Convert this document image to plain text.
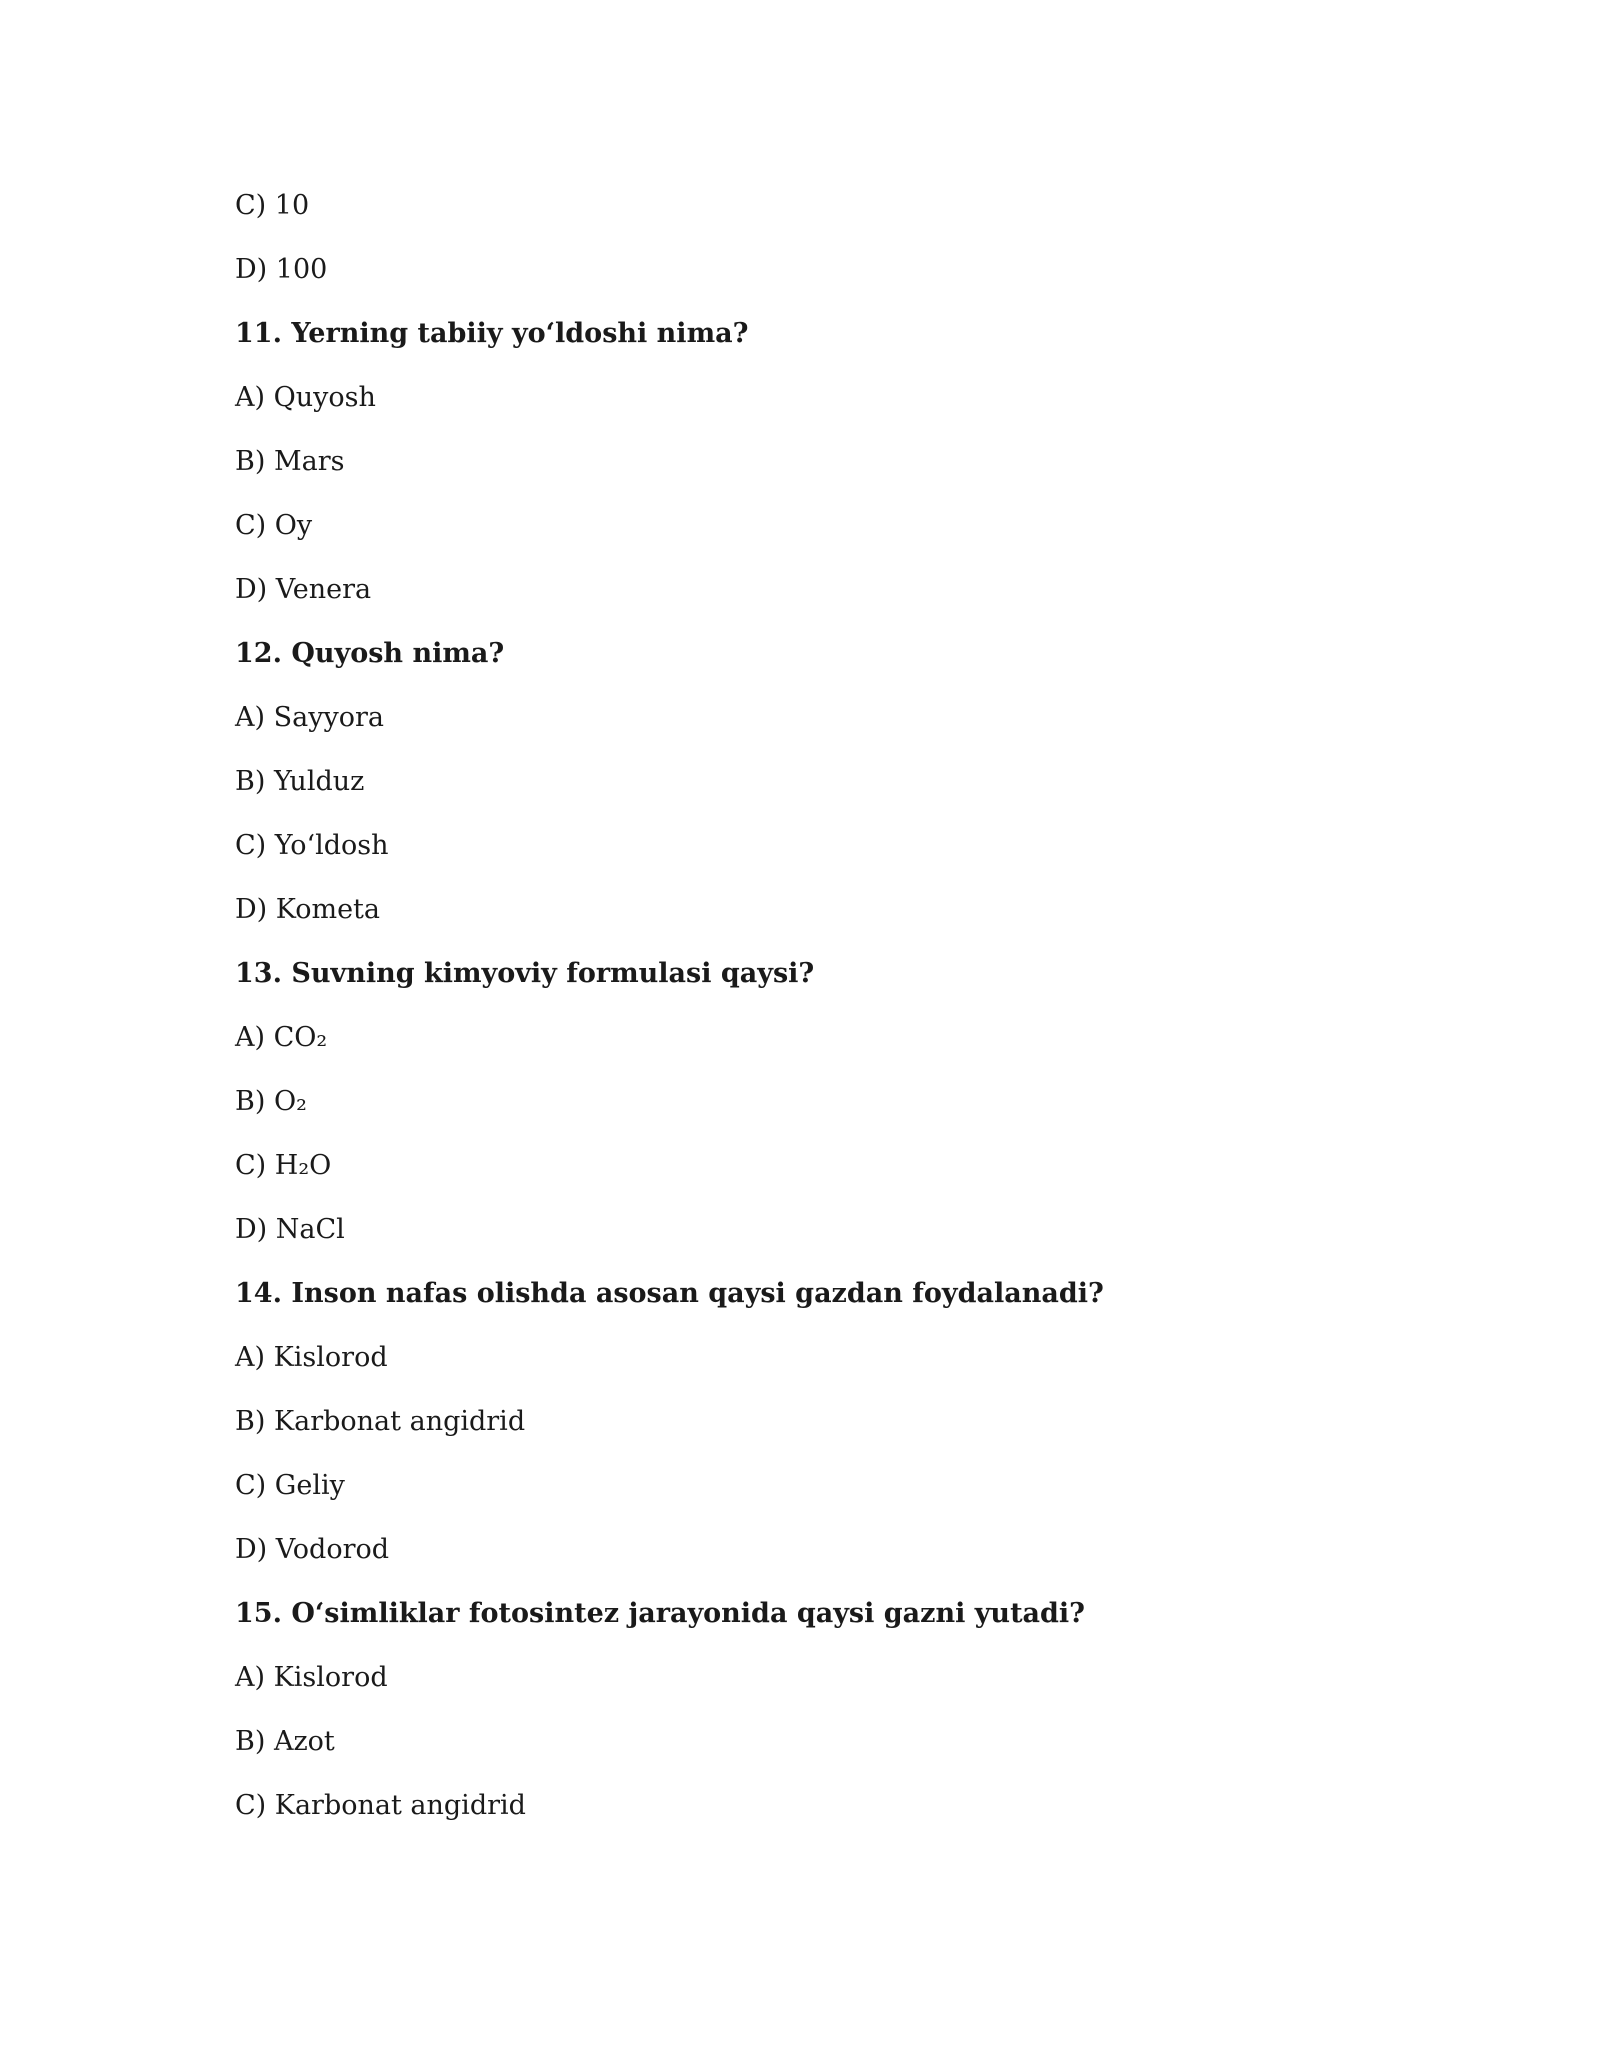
C) 10
D) 100
11. Yerning tabiiy yo‘ldoshi nima?
A) Quyosh
B) Mars
C) Oy
D) Venera
12. Quyosh nima?
A) Sayyora
B) Yulduz
C) Yo‘ldosh
D) Kometa
13. Suvning kimyoviy formulasi qaysi?
A) CO₂
B) O₂
C) H₂O
D) NaCl
14. Inson nafas olishda asosan qaysi gazdan foydalanadi?
A) Kislorod
B) Karbonat angidrid
C) Geliy
D) Vodorod
15. O‘simliklar fotosintez jarayonida qaysi gazni yutadi?
A) Kislorod
B) Azot
C) Karbonat angidrid
